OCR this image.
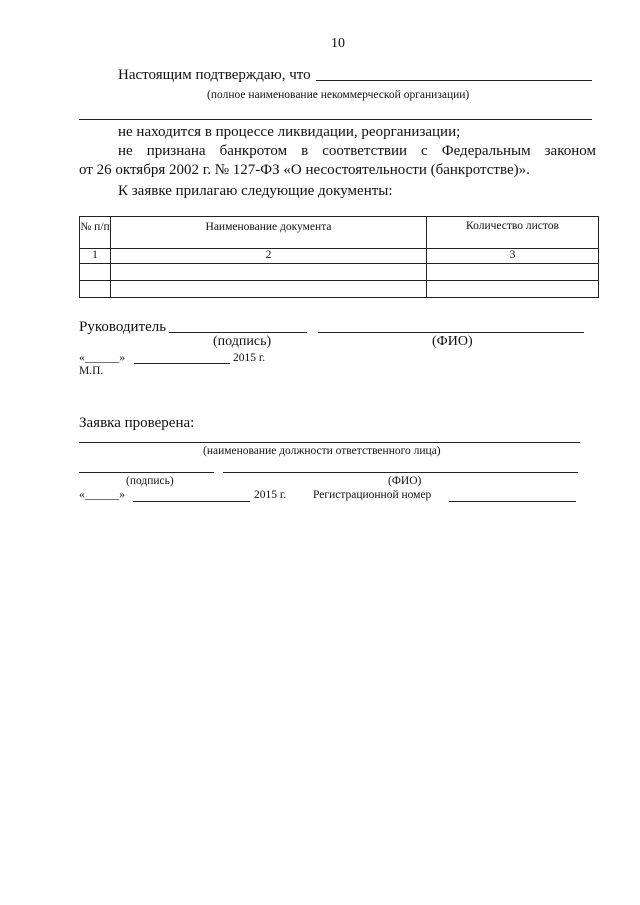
10
Настоящим подтверждаю, что
(полное наименование некоммерческой организации)
не находится в процессе ликвидации, реорганизации;
не признана банкротом в соответствии с Федеральным законом
от 26 октября 2002 г. № 127-ФЗ «О несостоятельности (банкротстве)».
К заявке прилагаю следующие документы:
№ п/п	Наименование документа	Количество листов
1	2	3

Руководитель
(подпись)	(ФИО)
«______»	2015 г.
М.П.
Заявка проверена:
(наименование должности ответственного лица)
(подпись)	(ФИО)
«______»	2015 г. Регистрационной номер
